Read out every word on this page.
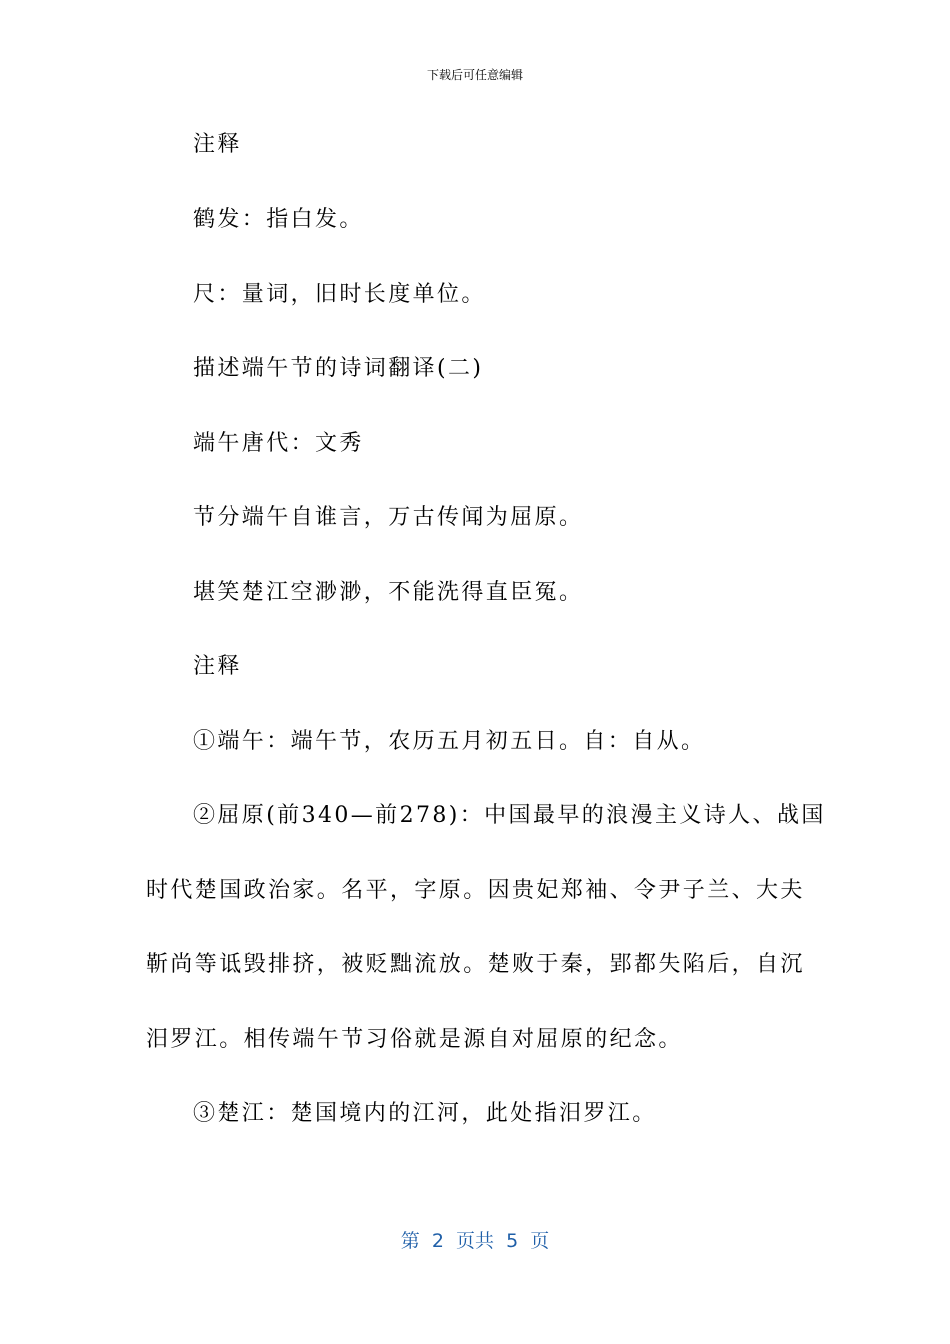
下载后可任意编辑
注释
鹤发：指白发。
尺：量词，旧时长度单位。
描述端午节的诗词翻译(二)
端午唐代：文秀
节分端午自谁言，万古传闻为屈原。
堪笑楚江空渺渺，不能洗得直臣冤。
注释
①端午：端午节，农历五月初五日。自：自从。
②屈原(前340—前278)：中国最早的浪漫主义诗人、战国
时代楚国政治家。名平，字原。因贵妃郑袖、令尹子兰、大夫
靳尚等诋毁排挤，被贬黜流放。楚败于秦，郢都失陷后，自沉
汨罗江。相传端午节习俗就是源自对屈原的纪念。
③楚江：楚国境内的江河，此处指汨罗江。
第  2  页共  5  页
